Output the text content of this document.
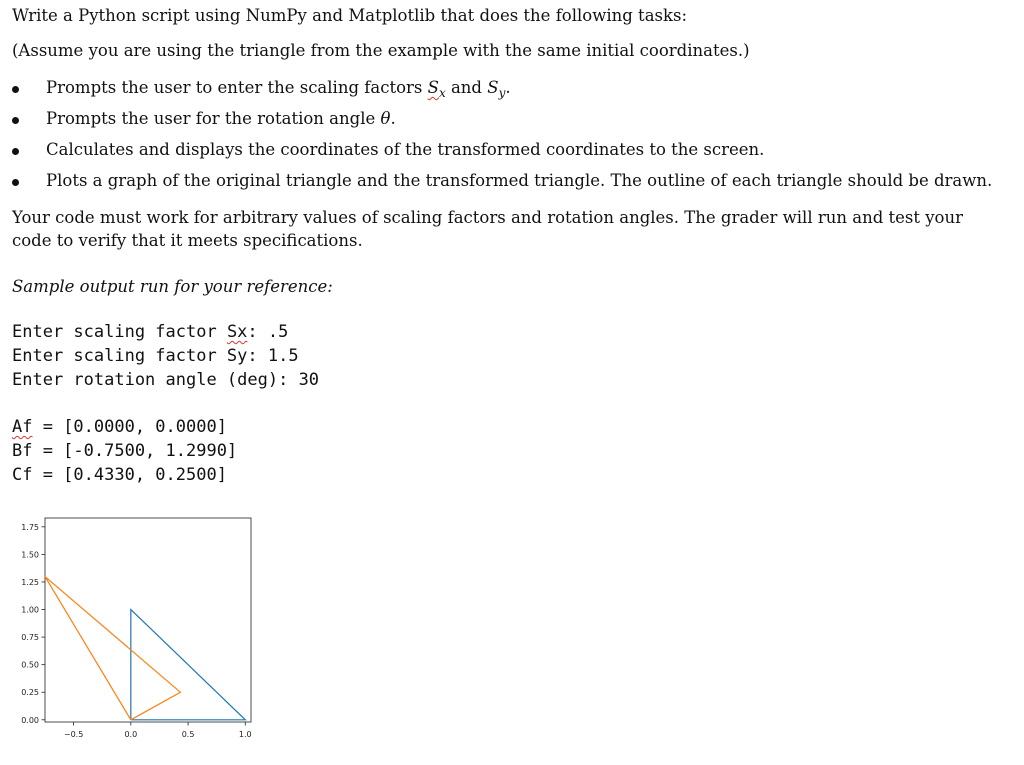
Write a Python script using NumPy and Matplotlib that does the following tasks:
(Assume you are using the triangle from the example with the same initial coordinates.)
Prompts the user to enter the scaling factors $S_x$ and $S_y$.
Prompts the user for the rotation angle θ.
Calculates and displays the coordinates of the transformed coordinates to the screen.
Plots a graph of the original triangle and the transformed triangle. The outline of each triangle should be drawn.
Your code must work for arbitrary values of scaling factors and rotation angles. The grader will run and test your code to verify that it meets specifications.
Sample output run for your reference:
Enter scaling factor Sx: .5
Enter scaling factor Sy: 1.5
Enter rotation angle (deg): 30
Af = [0.0000, 0.0000]
Bf = [-0.7500, 1.2990]
Cf = [0.4330, 0.2500]
−0.5	0.0	0.5	1.0
0.00
0.25
0.50
0.75
1.00
1.25
1.50
1.75
